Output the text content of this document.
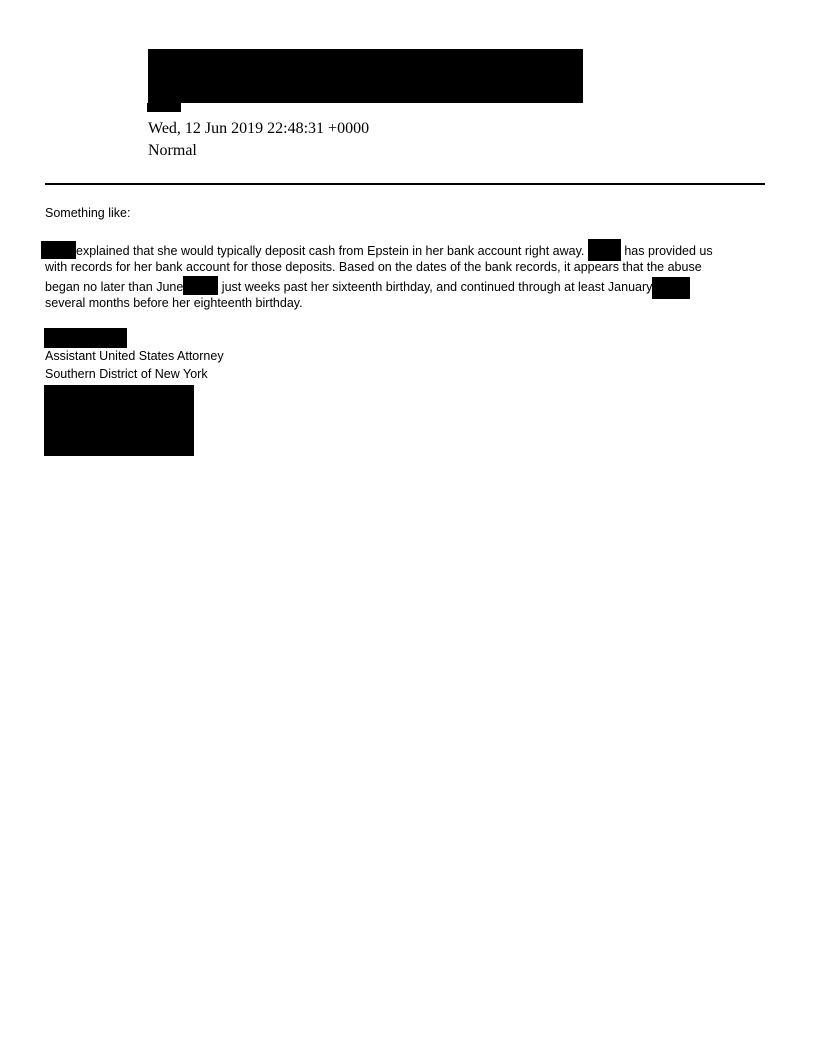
Wed, 12 Jun 2019 22:48:31 +0000
Normal
Something like:
explained that she would typically deposit cash from Epstein in her bank account right away.	has provided us
with records for her bank account for those deposits. Based on the dates of the bank records, it appears that the abuse
began no later than June	just weeks past her sixteenth birthday, and continued through at least January
several months before her eighteenth birthday.
Assistant United States Attorney
Southern District of New York
